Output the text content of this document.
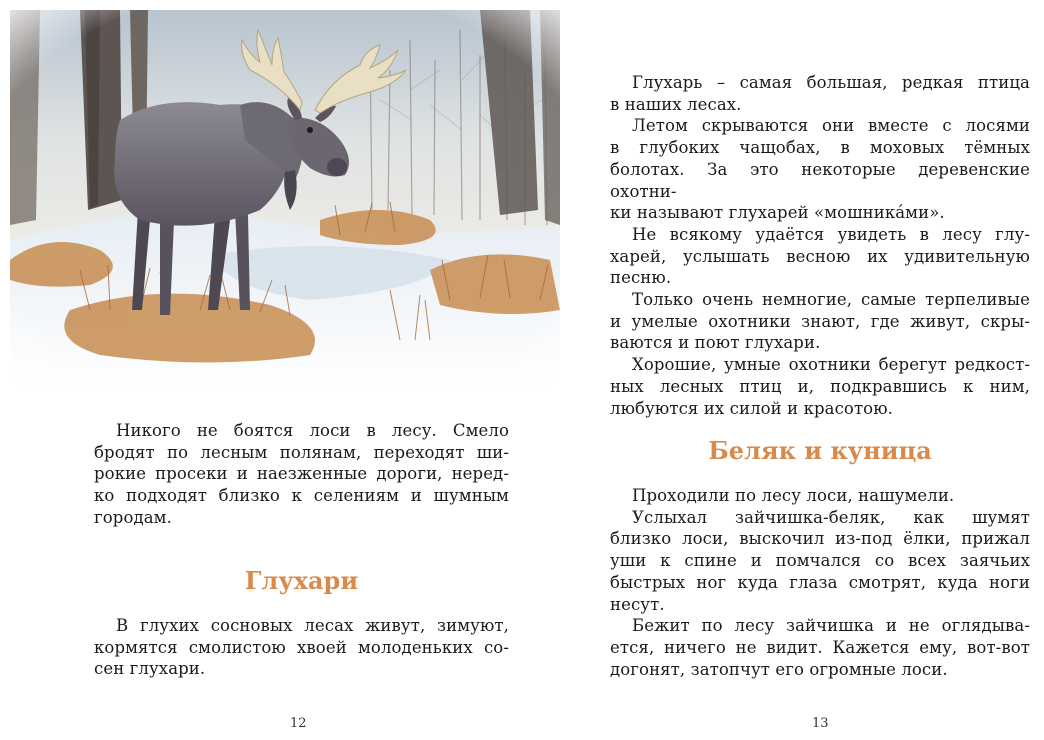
Никого не боятся лоси в лесу. Смело
бродят по лесным полянам, переходят ши-
рокие просеки и наезженные дороги, неред-
ко подходят близко к селениям и шумным
городам.
Глухари
В глухих сосновых лесах живут, зимуют,
кормятся смолистою хвоей молоденьких со-
сен глухари.
12
Глухарь – самая большая, редкая птица
в наших лесах.
Летом скрываются они вместе с лосями
в глубоких чащобах, в моховых тёмных
болотах. За это некоторые деревенские охотни-
ки называют глухарей «мошникáми».
Не всякому удаётся увидеть в лесу глу-
харей, услышать весною их удивительную
песню.
Только очень немногие, самые терпеливые
и умелые охотники знают, где живут, скры-
ваются и поют глухари.
Хорошие, умные охотники берегут редкост-
ных лесных птиц и, подкравшись к ним,
любуются их силой и красотою.
Беляк и куница
Проходили по лесу лоси, нашумели.
Услыхал зайчишка-беляк, как шумят
близко лоси, выскочил из-под ёлки, прижал
уши к спине и помчался со всех заячьих
быстрых ног куда глаза смотрят, куда ноги
несут.
Бежит по лесу зайчишка и не оглядыва-
ется, ничего не видит. Кажется ему, вот-вот
догонят, затопчут его огромные лоси.
13
